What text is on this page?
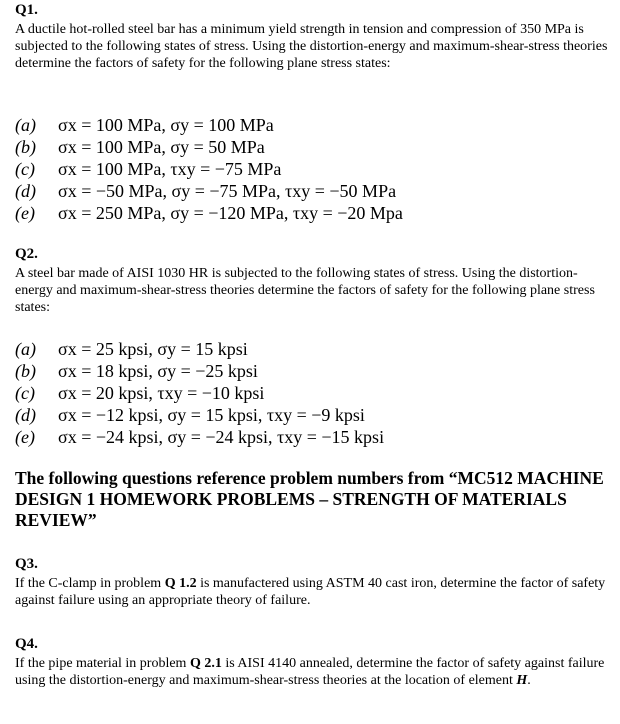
Q1.
A ductile hot-rolled steel bar has a minimum yield strength in tension and compression of 350 MPa is subjected to the following states of stress. Using the distortion-energy and maximum-shear-stress theories determine the factors of safety for the following plane stress states:
(a) σx = 100 MPa, σy = 100 MPa
(b) σx = 100 MPa, σy = 50 MPa
(c) σx = 100 MPa, τxy = −75 MPa
(d) σx = −50 MPa, σy = −75 MPa, τxy = −50 MPa
(e) σx = 250 MPa, σy = −120 MPa, τxy = −20 Mpa
Q2.
A steel bar made of AISI 1030 HR is subjected to the following states of stress. Using the distortion-energy and maximum-shear-stress theories determine the factors of safety for the following plane stress states:
(a) σx = 25 kpsi, σy = 15 kpsi
(b) σx = 18 kpsi, σy = −25 kpsi
(c) σx = 20 kpsi, τxy = −10 kpsi
(d) σx = −12 kpsi, σy = 15 kpsi, τxy = −9 kpsi
(e) σx = −24 kpsi, σy = −24 kpsi, τxy = −15 kpsi
The following questions reference problem numbers from “MC512 MACHINE DESIGN 1 HOMEWORK PROBLEMS – STRENGTH OF MATERIALS REVIEW”
Q3.
If the C-clamp in problem Q 1.2 is manufactered using ASTM 40 cast iron, determine the factor of safety against failure using an appropriate theory of failure.
Q4.
If the pipe material in problem Q 2.1 is AISI 4140 annealed, determine the factor of safety against failure using the distortion-energy and maximum-shear-stress theories at the location of element H.
